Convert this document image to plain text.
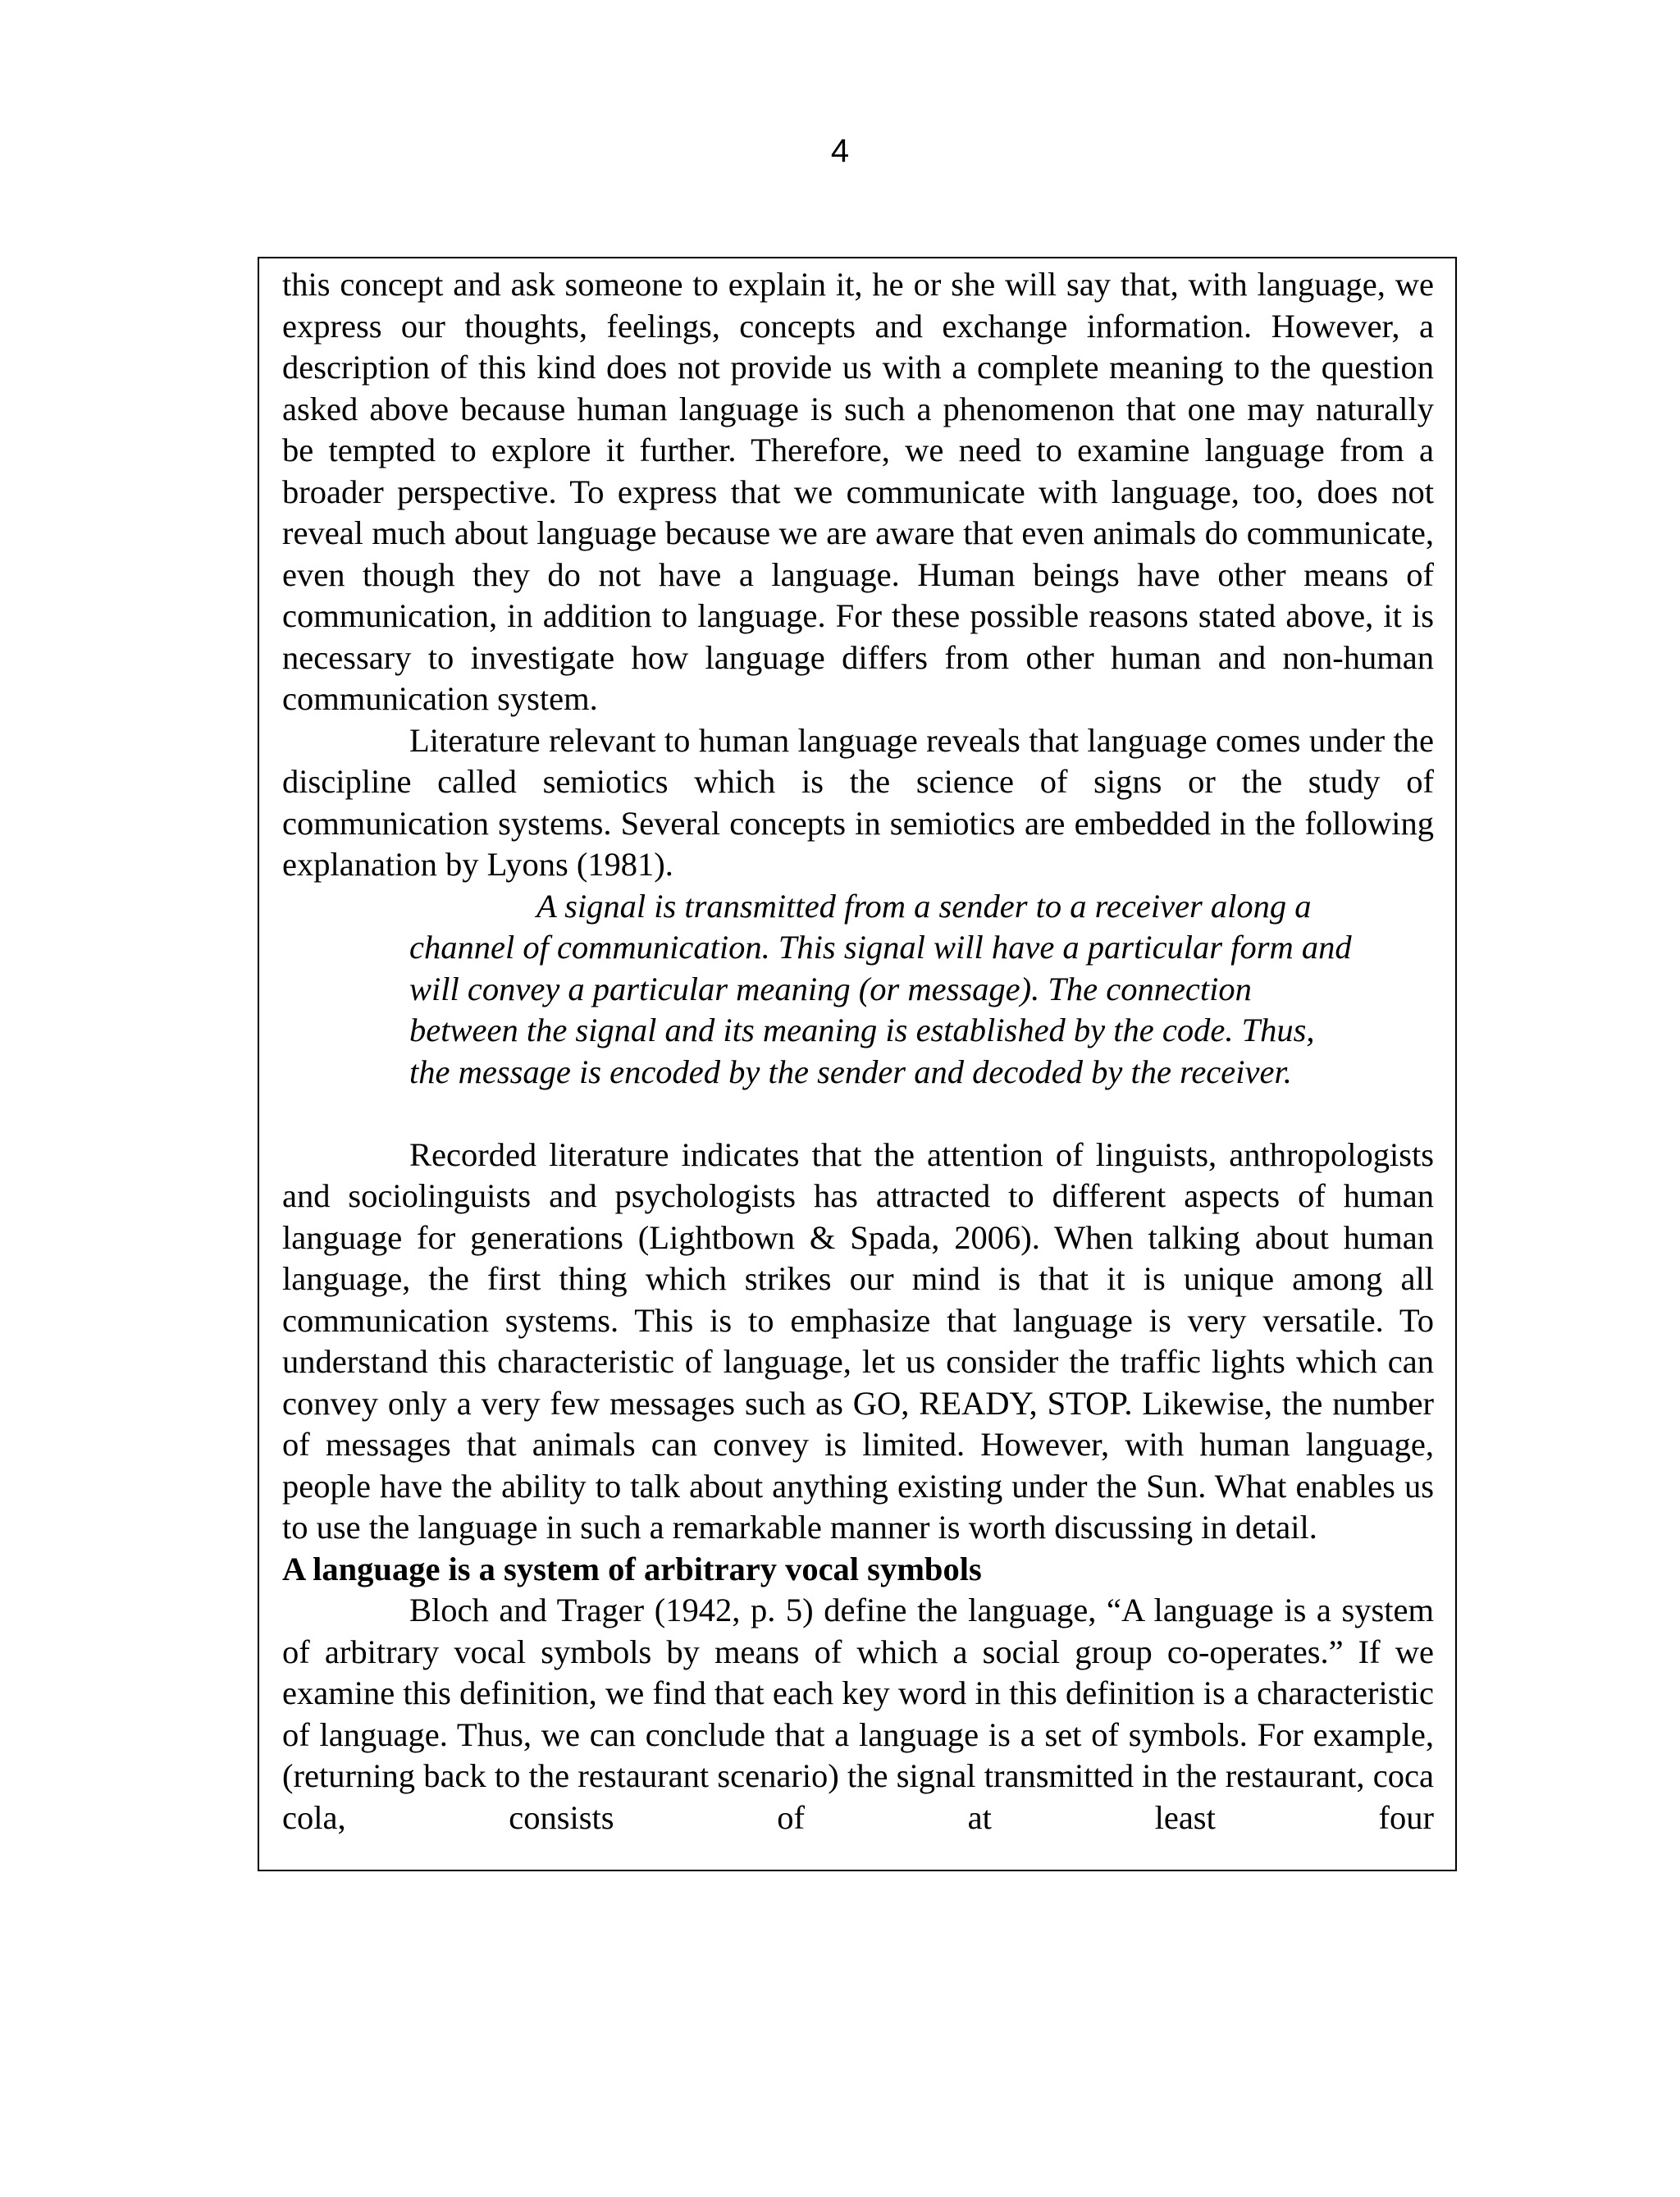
4

this concept and ask someone to explain it, he or she will say that, with language, we express our thoughts, feelings, concepts and exchange information. However, a description of this kind does not provide us with a complete meaning to the question asked above because human language is such a phenomenon that one may naturally be tempted to explore it further. Therefore, we need to examine language from a broader perspective. To express that we communicate with language, too, does not reveal much about language because we are aware that even animals do communicate, even though they do not have a language. Human beings have other means of communication, in addition to language. For these possible reasons stated above, it is necessary to investigate how language differs from other human and non-human communication system.

Literature relevant to human language reveals that language comes under the discipline called semiotics which is the science of signs or the study of communication systems. Several concepts in semiotics are embedded in the following explanation by Lyons (1981).

A signal is transmitted from a sender to a receiver along a
channel of communication. This signal will have a particular form and
will convey a particular meaning (or message). The connection
between the signal and its meaning is established by the code. Thus,
the message is encoded by the sender and decoded by the receiver.

Recorded literature indicates that the attention of linguists, anthropologists and sociolinguists and psychologists has attracted to different aspects of human language for generations (Lightbown & Spada, 2006). When talking about human language, the first thing which strikes our mind is that it is unique among all communication systems. This is to emphasize that language is very versatile. To understand this characteristic of language, let us consider the traffic lights which can convey only a very few messages such as GO, READY, STOP. Likewise, the number of messages that animals can convey is limited. However, with human language, people have the ability to talk about anything existing under the Sun. What enables us to use the language in such a remarkable manner is worth discussing in detail.

A language is a system of arbitrary vocal symbols

Bloch and Trager (1942, p. 5) define the language, “A language is a system of arbitrary vocal symbols by means of which a social group co-operates.” If we examine this definition, we find that each key word in this definition is a characteristic of language. Thus, we can conclude that a language is a set of symbols. For example, (returning back to the restaurant scenario) the signal transmitted in the restaurant, coca cola, consists of at least four
